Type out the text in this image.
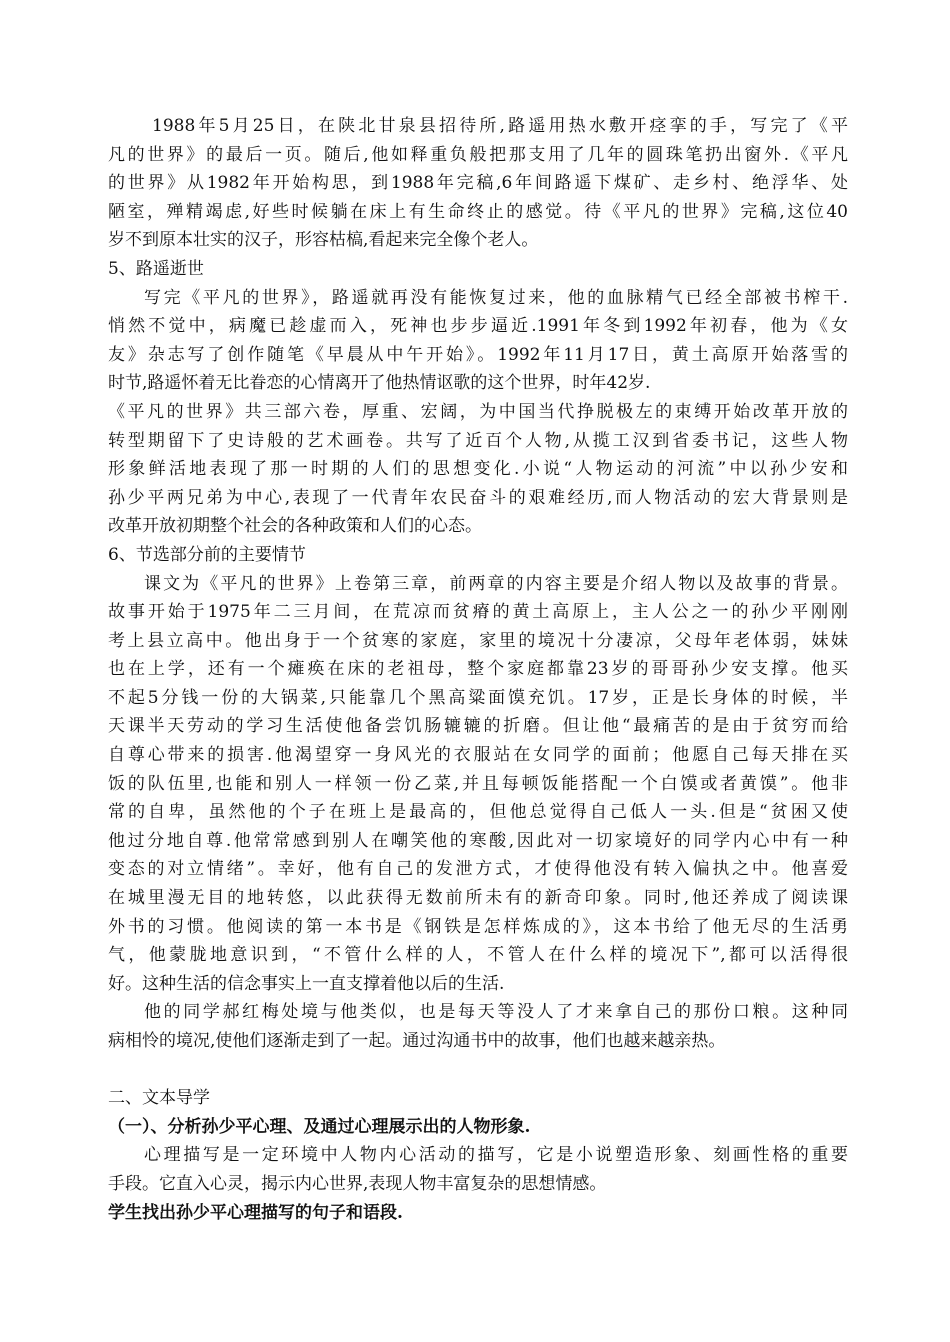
1988年5月25日，在陕北甘泉县招待所,路遥用热水敷开痉挛的手，写完了《平
凡的世界》的最后一页。随后,他如释重负般把那支用了几年的圆珠笔扔出窗外.《平凡
的世界》从1982年开始构思，到1988年完稿,6年间路遥下煤矿、走乡村、绝浮华、处
陋室，殚精竭虑,好些时候躺在床上有生命终止的感觉。待《平凡的世界》完稿,这位40
岁不到原本壮实的汉子，形容枯槁,看起来完全像个老人。
5、路遥逝世
写完《平凡的世界》，路遥就再没有能恢复过来，他的血脉精气已经全部被书榨干.
悄然不觉中，病魔已趁虚而入，死神也步步逼近.1991年冬到1992年初春，他为《女
友》杂志写了创作随笔《早晨从中午开始》。1992年11月17日，黄土高原开始落雪的
时节,路遥怀着无比眷恋的心情离开了他热情讴歌的这个世界，时年42岁.
《平凡的世界》共三部六卷，厚重、宏阔，为中国当代挣脱极左的束缚开始改革开放的
转型期留下了史诗般的艺术画卷。共写了近百个人物,从揽工汉到省委书记，这些人物
形象鲜活地表现了那一时期的人们的思想变化.小说“人物运动的河流”中以孙少安和
孙少平两兄弟为中心,表现了一代青年农民奋斗的艰难经历,而人物活动的宏大背景则是
改革开放初期整个社会的各种政策和人们的心态。
6、节选部分前的主要情节
课文为《平凡的世界》上卷第三章，前两章的内容主要是介绍人物以及故事的背景。
故事开始于1975年二三月间，在荒凉而贫瘠的黄土高原上，主人公之一的孙少平刚刚
考上县立高中。他出身于一个贫寒的家庭，家里的境况十分凄凉，父母年老体弱，妹妹
也在上学，还有一个瘫痪在床的老祖母，整个家庭都靠23岁的哥哥孙少安支撑。他买
不起5分钱一份的大锅菜,只能靠几个黑高粱面馍充饥。17岁，正是长身体的时候，半
天课半天劳动的学习生活使他备尝饥肠辘辘的折磨。但让他“最痛苦的是由于贫穷而给
自尊心带来的损害.他渴望穿一身风光的衣服站在女同学的面前；他愿自己每天排在买
饭的队伍里,也能和别人一样领一份乙菜,并且每顿饭能搭配一个白馍或者黄馍”。他非
常的自卑，虽然他的个子在班上是最高的，但他总觉得自己低人一头.但是“贫困又使
他过分地自尊.他常常感到别人在嘲笑他的寒酸,因此对一切家境好的同学内心中有一种
变态的对立情绪”。幸好，他有自己的发泄方式，才使得他没有转入偏执之中。他喜爱
在城里漫无目的地转悠，以此获得无数前所未有的新奇印象。同时,他还养成了阅读课
外书的习惯。他阅读的第一本书是《钢铁是怎样炼成的》，这本书给了他无尽的生活勇
气，他蒙胧地意识到，“不管什么样的人，不管人在什么样的境况下”,都可以活得很
好。这种生活的信念事实上一直支撑着他以后的生活.
他的同学郝红梅处境与他类似，也是每天等没人了才来拿自己的那份口粮。这种同
病相怜的境况,使他们逐渐走到了一起。通过沟通书中的故事，他们也越来越亲热。
二、文本导学
（一）、分析孙少平心理、及通过心理展示出的人物形象.
心理描写是一定环境中人物内心活动的描写，它是小说塑造形象、刻画性格的重要
手段。它直入心灵，揭示内心世界,表现人物丰富复杂的思想情感。
学生找出孙少平心理描写的句子和语段.
